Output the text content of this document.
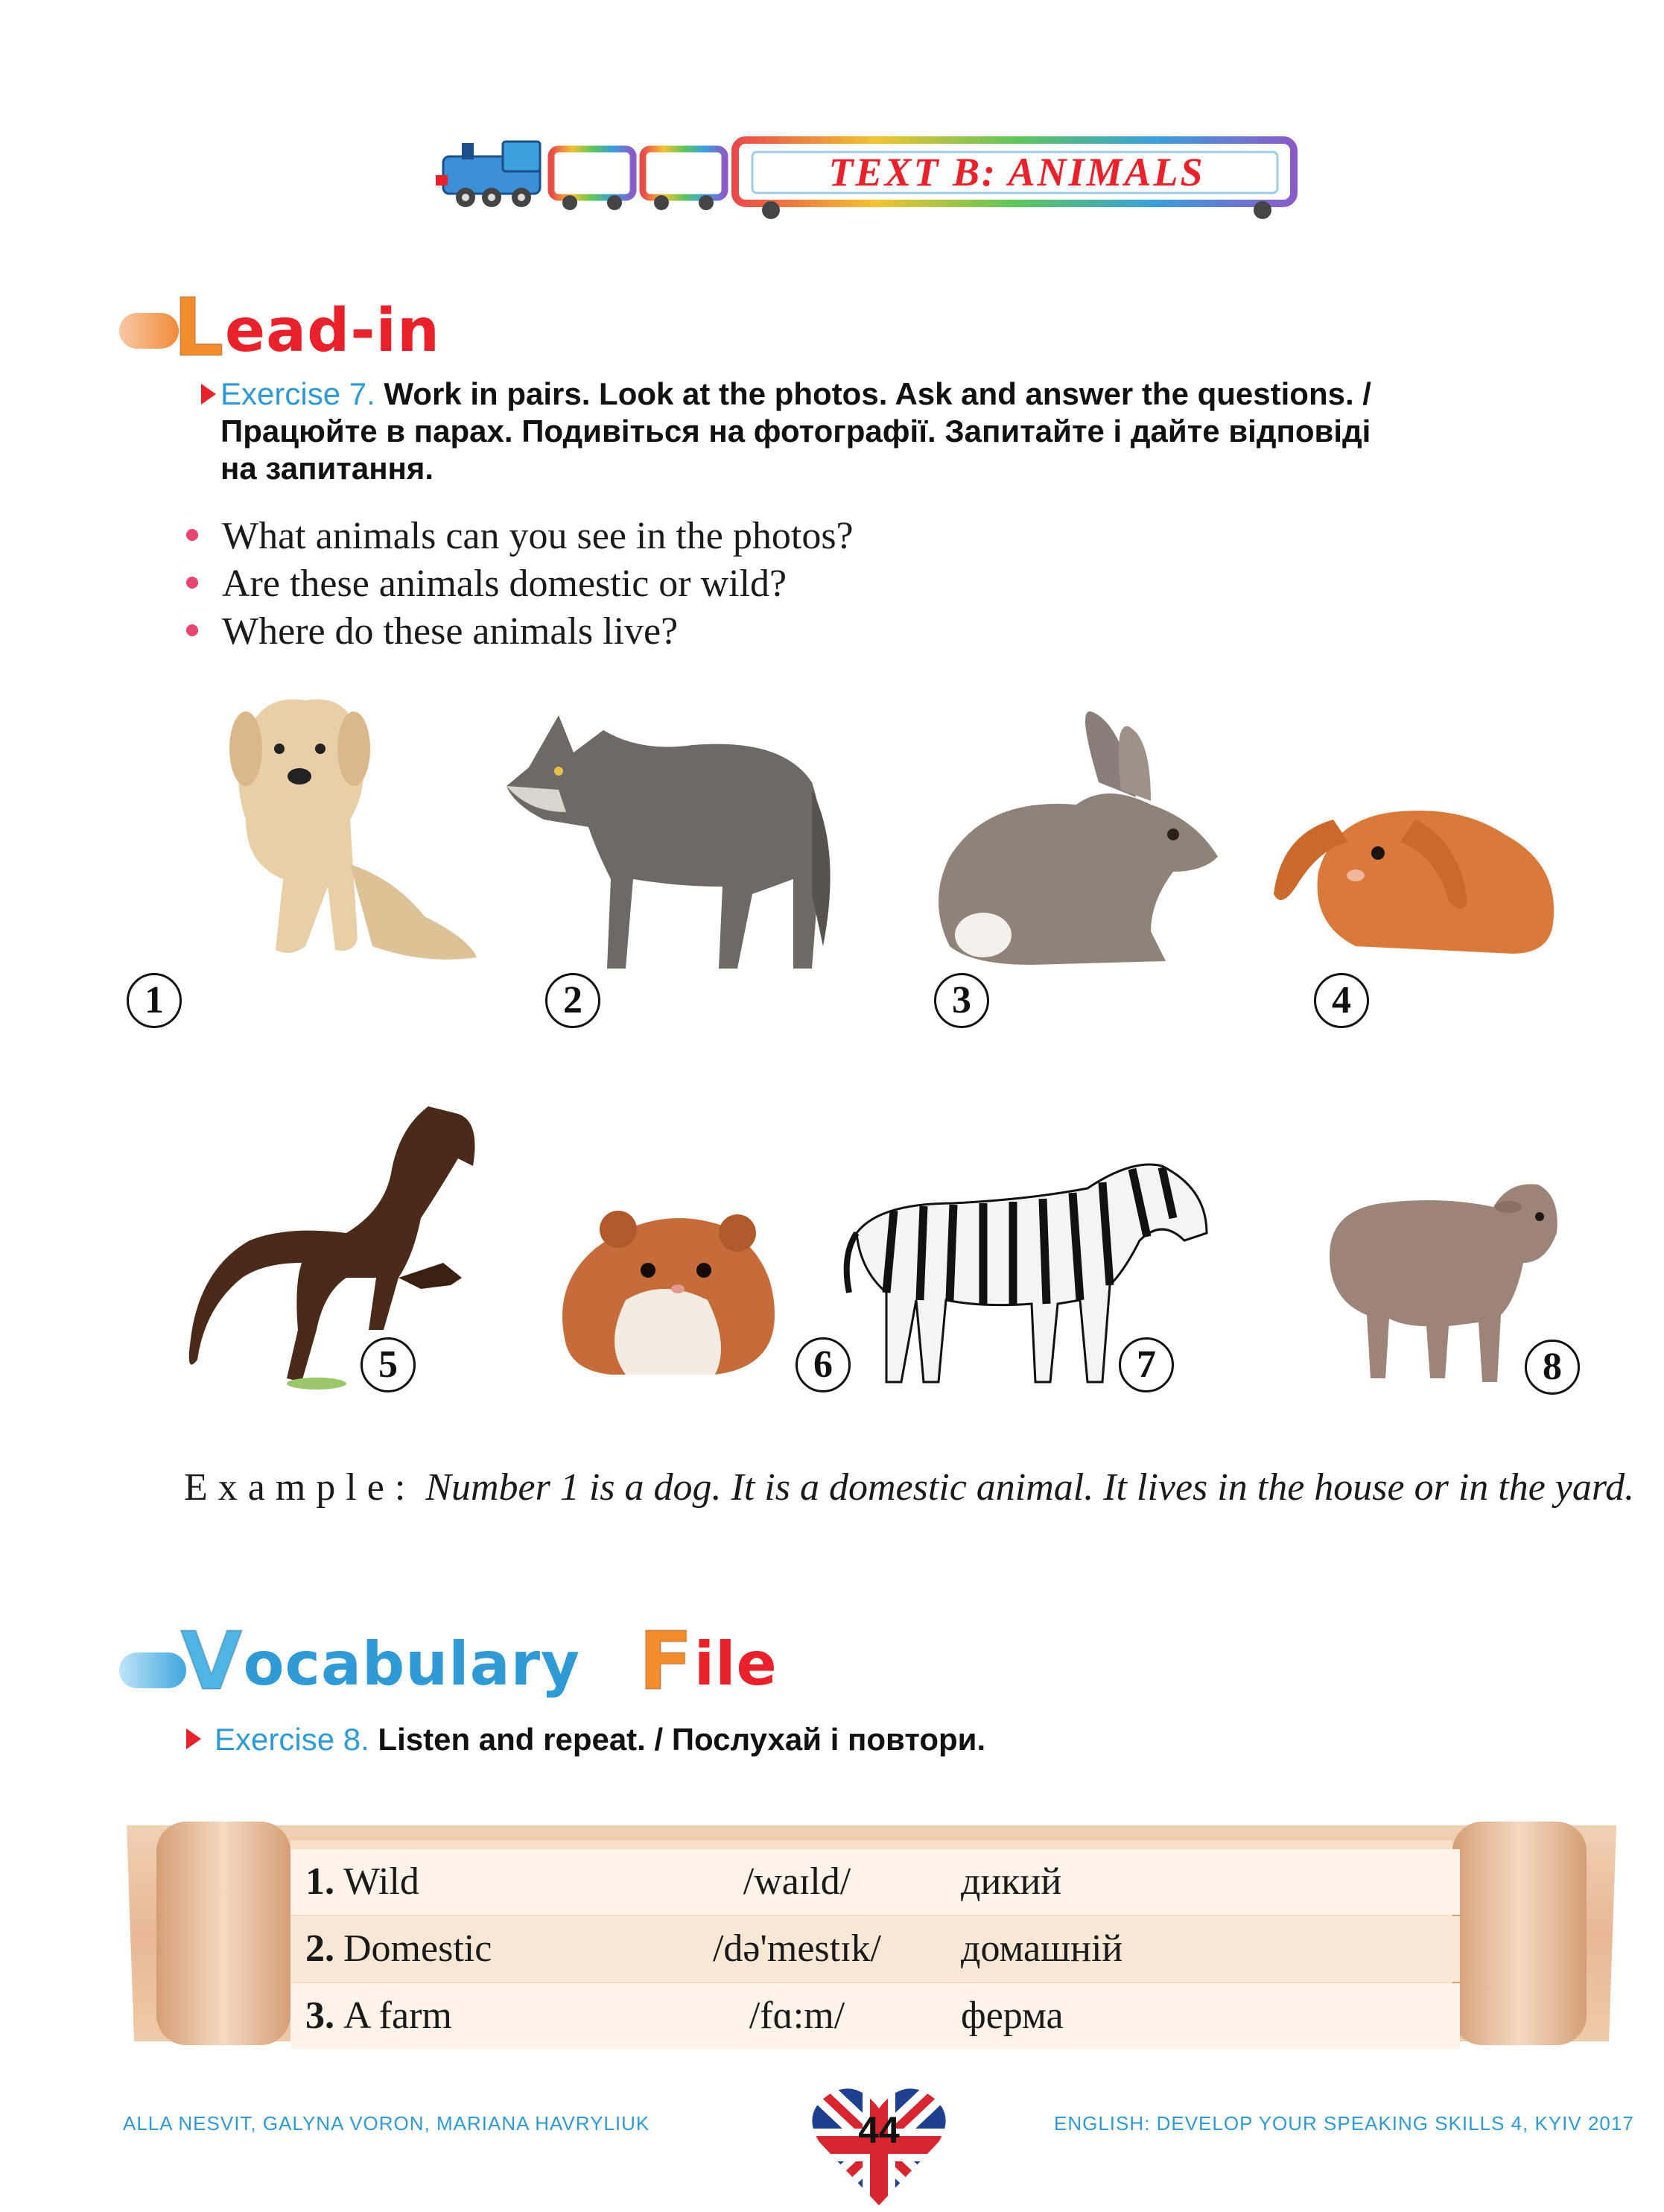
TEXT B: ANIMALS
Lead-in
Exercise 7. Work in pairs. Look at the photos. Ask and answer the questions. /
Працюйте в парах. Подивіться на фотографії. Запитайте і дайте відповіді
на запитання.
What animals can you see in the photos?
Are these animals domestic or wild?
Where do these animals live?
1	2	3	4
5	6	7	8
Example: Number 1 is a dog. It is a domestic animal. It lives in the house or in the yard.
Vocabulary File
Exercise 8. Listen and repeat. / Послухай і повтори.
1. Wild	/waɪld/	дикий
2. Domestic	/də'mestɪk/	домашній
3. A farm	/fɑ:m/	ферма
ALLA NESVIT, GALYNA VORON, MARIANA HAVRYLIUK	44	ENGLISH: DEVELOP YOUR SPEAKING SKILLS 4, KYIV 2017
